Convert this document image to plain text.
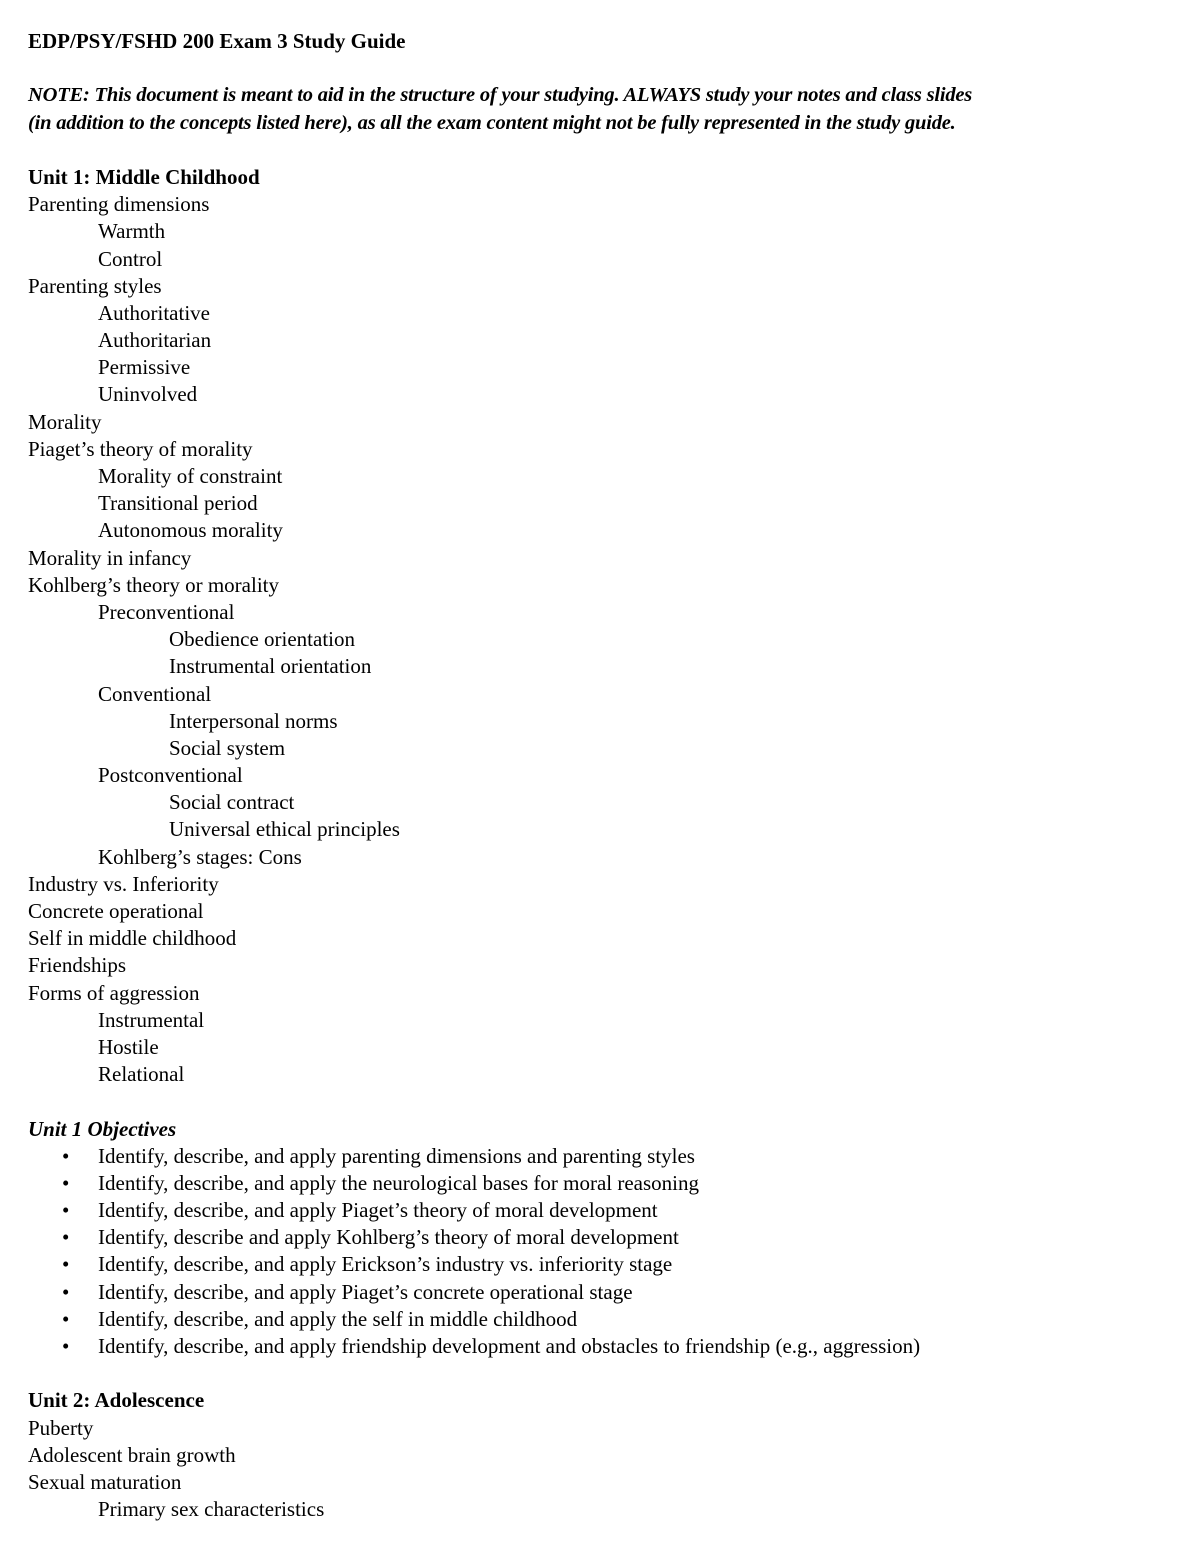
EDP/PSY/FSHD 200 Exam 3 Study Guide
NOTE: This document is meant to aid in the structure of your studying. ALWAYS study your notes and class slides
(in addition to the concepts listed here), as all the exam content might not be fully represented in the study guide.
Unit 1: Middle Childhood
Parenting dimensions
Warmth
Control
Parenting styles
Authoritative
Authoritarian
Permissive
Uninvolved
Morality
Piaget’s theory of morality
Morality of constraint
Transitional period
Autonomous morality
Morality in infancy
Kohlberg’s theory or morality
Preconventional
Obedience orientation
Instrumental orientation
Conventional
Interpersonal norms
Social system
Postconventional
Social contract
Universal ethical principles
Kohlberg’s stages: Cons
Industry vs. Inferiority
Concrete operational
Self in middle childhood
Friendships
Forms of aggression
Instrumental
Hostile
Relational
Unit 1 Objectives
• Identify, describe, and apply parenting dimensions and parenting styles
• Identify, describe, and apply the neurological bases for moral reasoning
• Identify, describe, and apply Piaget’s theory of moral development
• Identify, describe and apply Kohlberg’s theory of moral development
• Identify, describe, and apply Erickson’s industry vs. inferiority stage
• Identify, describe, and apply Piaget’s concrete operational stage
• Identify, describe, and apply the self in middle childhood
• Identify, describe, and apply friendship development and obstacles to friendship (e.g., aggression)
Unit 2: Adolescence
Puberty
Adolescent brain growth
Sexual maturation
Primary sex characteristics
